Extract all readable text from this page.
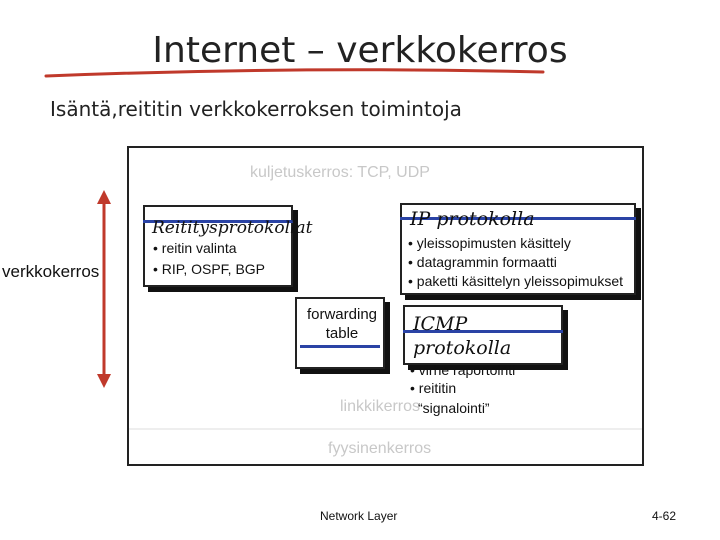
Internet – verkkokerros
Isäntä,reititin verkkokerroksen toimintoja
kuljetuskerros: TCP, UDP
verkkokerros
Reititysprotokollat
• reitin valinta
• RIP, OSPF, BGP
IP protokolla
• yleissopimusten käsittely
• datagrammin formaatti
• paketti käsittelyn yleissopimukset
forwarding
table	ICMP
protokolla
• virhe raportointi
• reititin
linkkikerros
“signalointi”
fyysinenkerros
Network Layer	4-62
